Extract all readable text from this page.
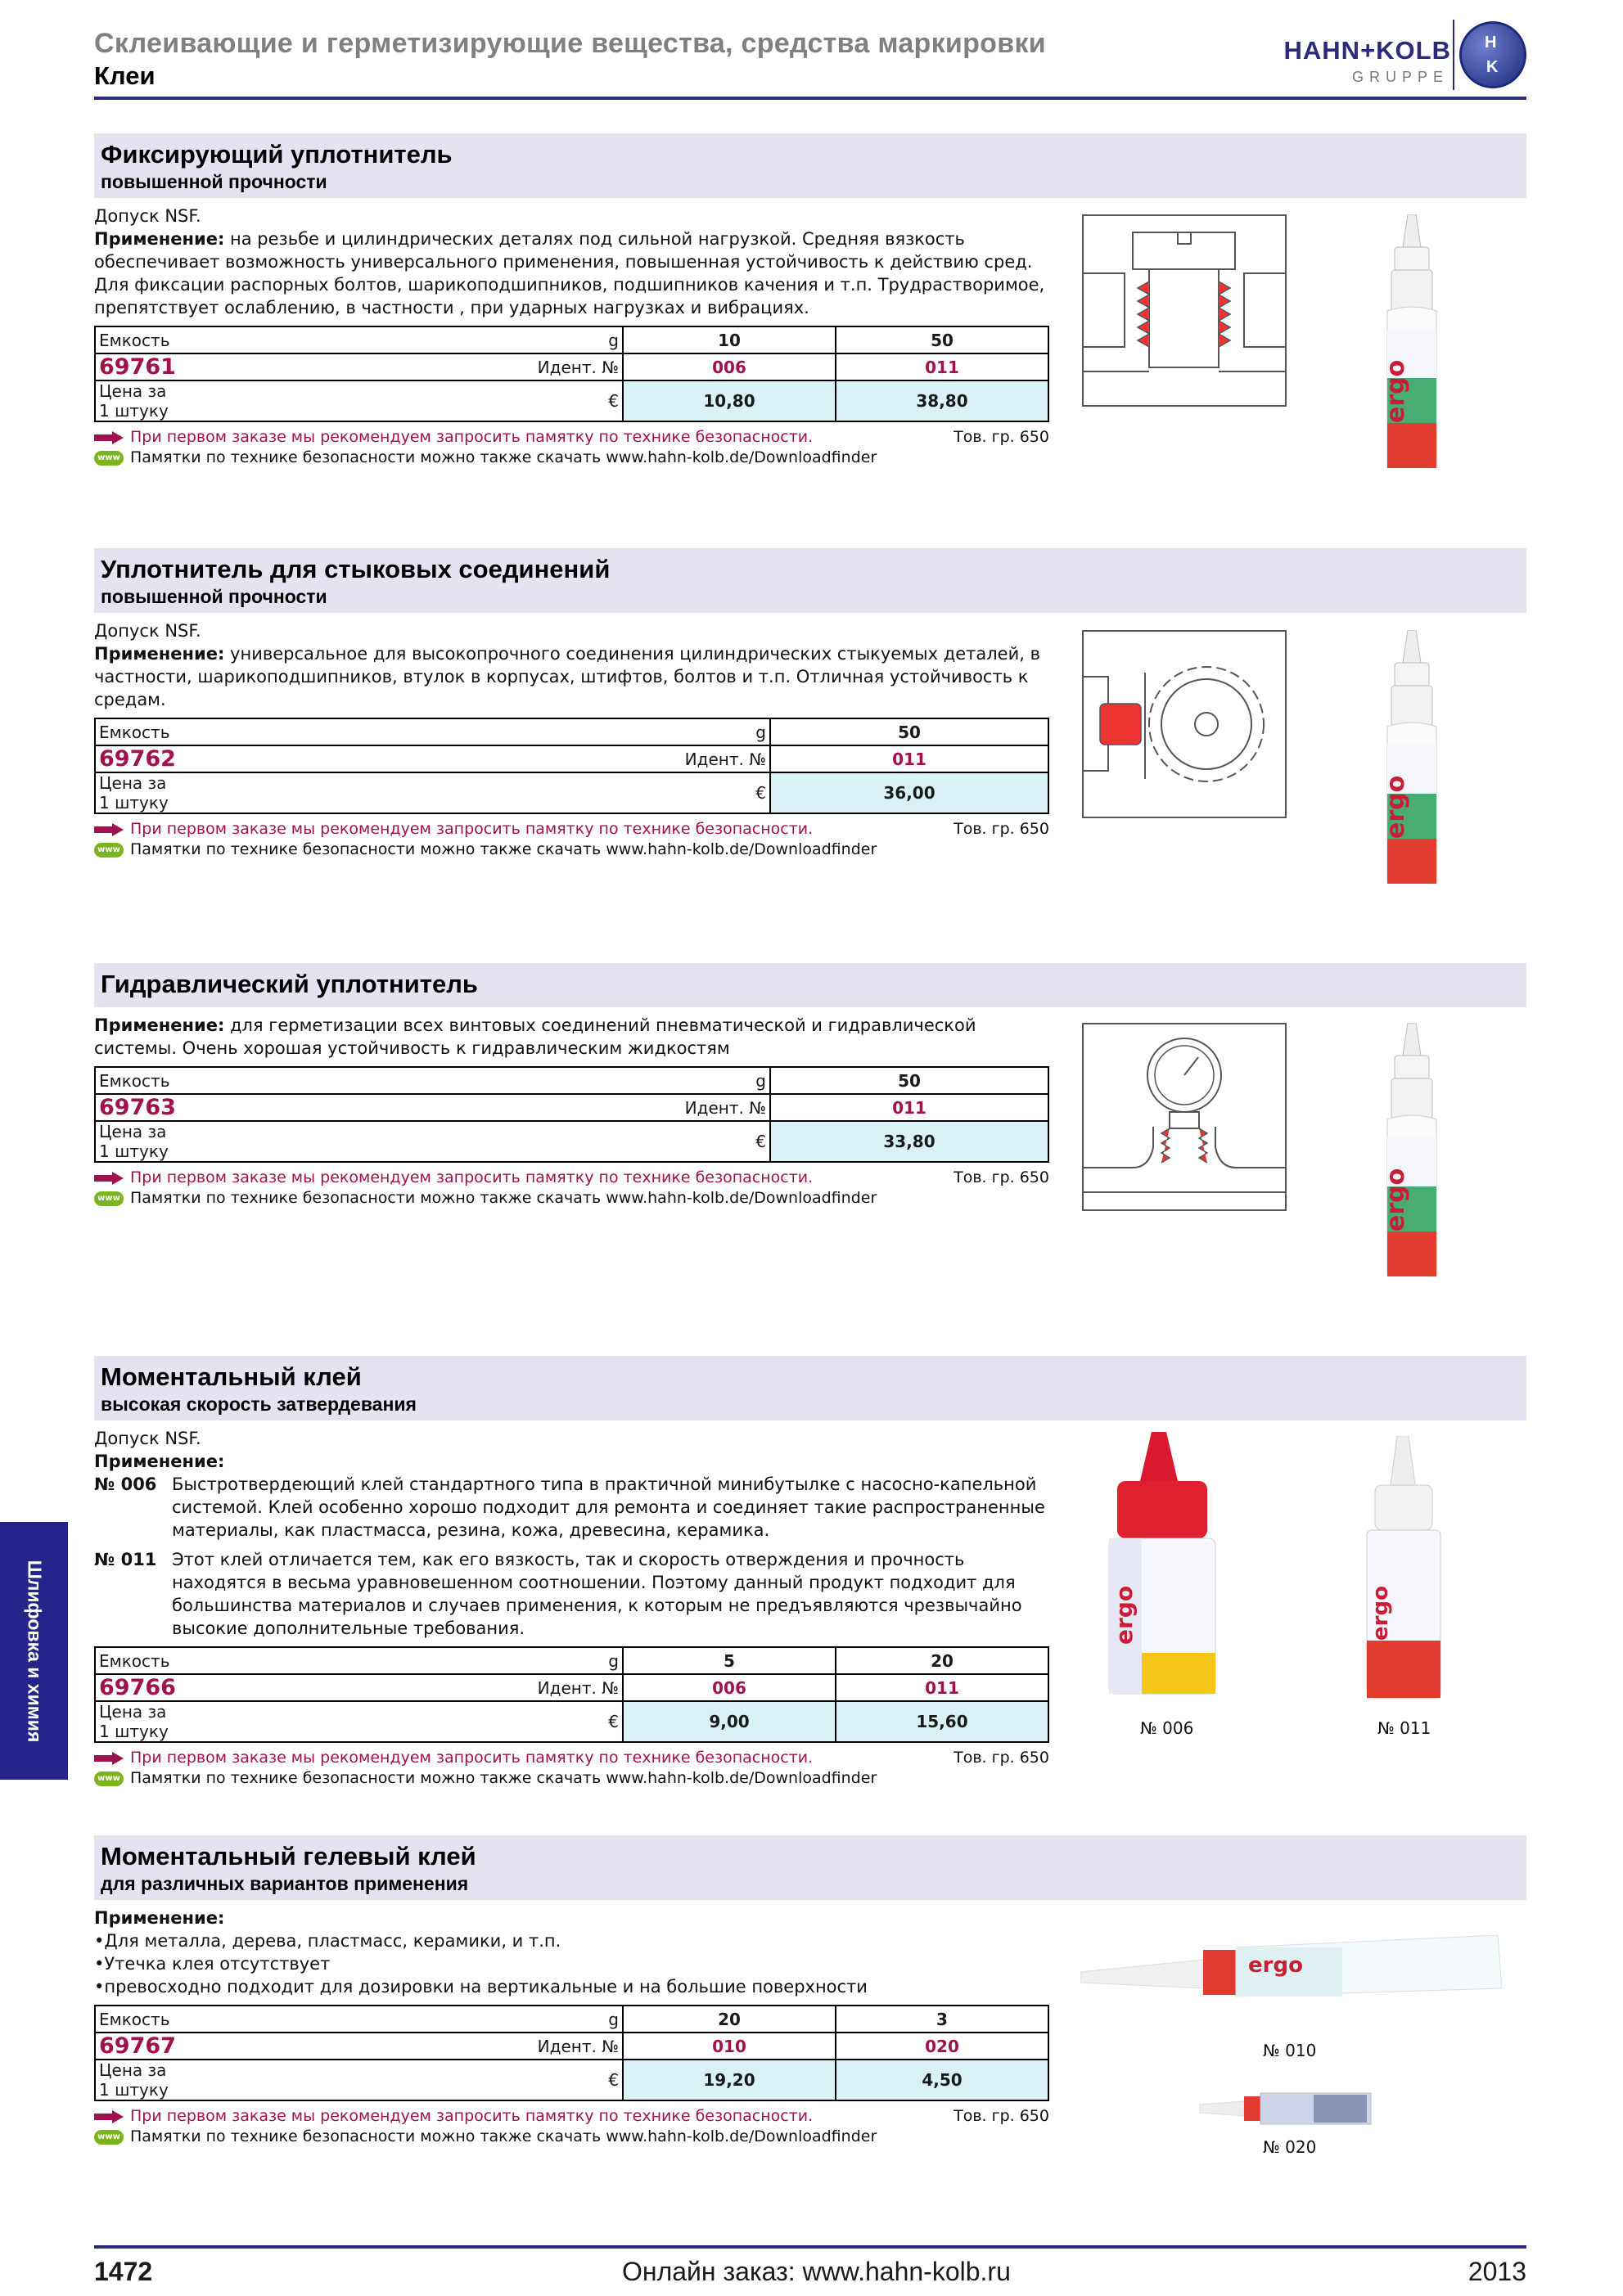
Склеивающие и герметизирующие вещества, средства маркировки
Клеи
HAHN+KOLB
GRUPPE
H
K
Фиксирующий уплотнитель
повышенной прочности
Допуск NSF.
Применение: на резьбе и цилиндрических деталях под сильной нагрузкой. Средняя вязкость обеспечивает возможность универсального применения, повышенная устойчивость к действию сред. Для фиксации распорных болтов, шарикоподшипников, подшипников качения и т.п. Трудрастворимое, препятствует ослаблению, в частности , при ударных нагрузках и вибрациях.
Емкость	g	10	50
69761	Идент. №	006	011
Цена за 1 штуку	€	10,80	38,80
При первом заказе мы рекомендуем запросить памятку по технике безопасности.
www Памятки по технике безопасности можно также скачать www.hahn-kolb.de/Downloadfinder
Тов. гр. 650
ergo
Уплотнитель для стыковых соединений
повышенной прочности
Допуск NSF.
Применение: универсальное для высокопрочного соединения цилиндрических стыкуемых деталей, в частности, шарикоподшипников, втулок в корпусах, штифтов, болтов и т.п. Отличная устойчивость к средам.
Емкость	g	50
69762	Идент. №	011
Цена за 1 штуку	€	36,00
При первом заказе мы рекомендуем запросить памятку по технике безопасности.
www Памятки по технике безопасности можно также скачать www.hahn-kolb.de/Downloadfinder
Тов. гр. 650	ergo
Гидравлический уплотнитель
Применение: для герметизации всех винтовых соединений пневматической и гидравлической системы. Очень хорошая устойчивость к гидравлическим жидкостям
Емкость	g	50
69763	Идент. №	011
Цена за 1 штуку	€	33,80
При первом заказе мы рекомендуем запросить памятку по технике безопасности.
www Памятки по технике безопасности можно также скачать www.hahn-kolb.de/Downloadfinder
Тов. гр. 650	ergo
Моментальный клей
высокая скорость затвердевания
Допуск NSF.
Применение:
№ 006 Быстротвердеющий клей стандартного типа в практичной минибутылке с насосно-капельной системой. Клей особенно хорошо подходит для ремонта и соединяет такие распространенные материалы, как пластмасса, резина, кожа, древесина, керамика.
№ 011 Этот клей отличается тем, как его вязкость, так и скорость отверждения и прочность находятся в весьма уравновешенном соотношении. Поэтому данный продукт подходит для большинства материалов и случаев применения, к которым не предъявляются чрезвычайно высокие дополнительные требования.
Емкость	g	5	20
69766	Идент. №	006	011
Цена за 1 штуку	€	9,00	15,60
При первом заказе мы рекомендуем запросить памятку по технике безопасности.
www Памятки по технике безопасности можно также скачать www.hahn-kolb.de/Downloadfinder
Тов. гр. 650
ergo
№ 006
ergo
№ 011
Моментальный гелевый клей
для различных вариантов применения
Применение:
•Для металла, дерева, пластмасс, керамики, и т.п.
•Утечка клея отсутствует
•превосходно подходит для дозировки на вертикальные и на большие поверхности
Емкость	g	20	3
69767	Идент. №	010	020
Цена за 1 штуку	€	19,20	4,50
При первом заказе мы рекомендуем запросить памятку по технике безопасности.
www Памятки по технике безопасности можно также скачать www.hahn-kolb.de/Downloadfinder
Тов. гр. 650
ergo
№ 010
№ 020
Шлифовка и химия
1472	Онлайн заказ: www.hahn-kolb.ru	2013
